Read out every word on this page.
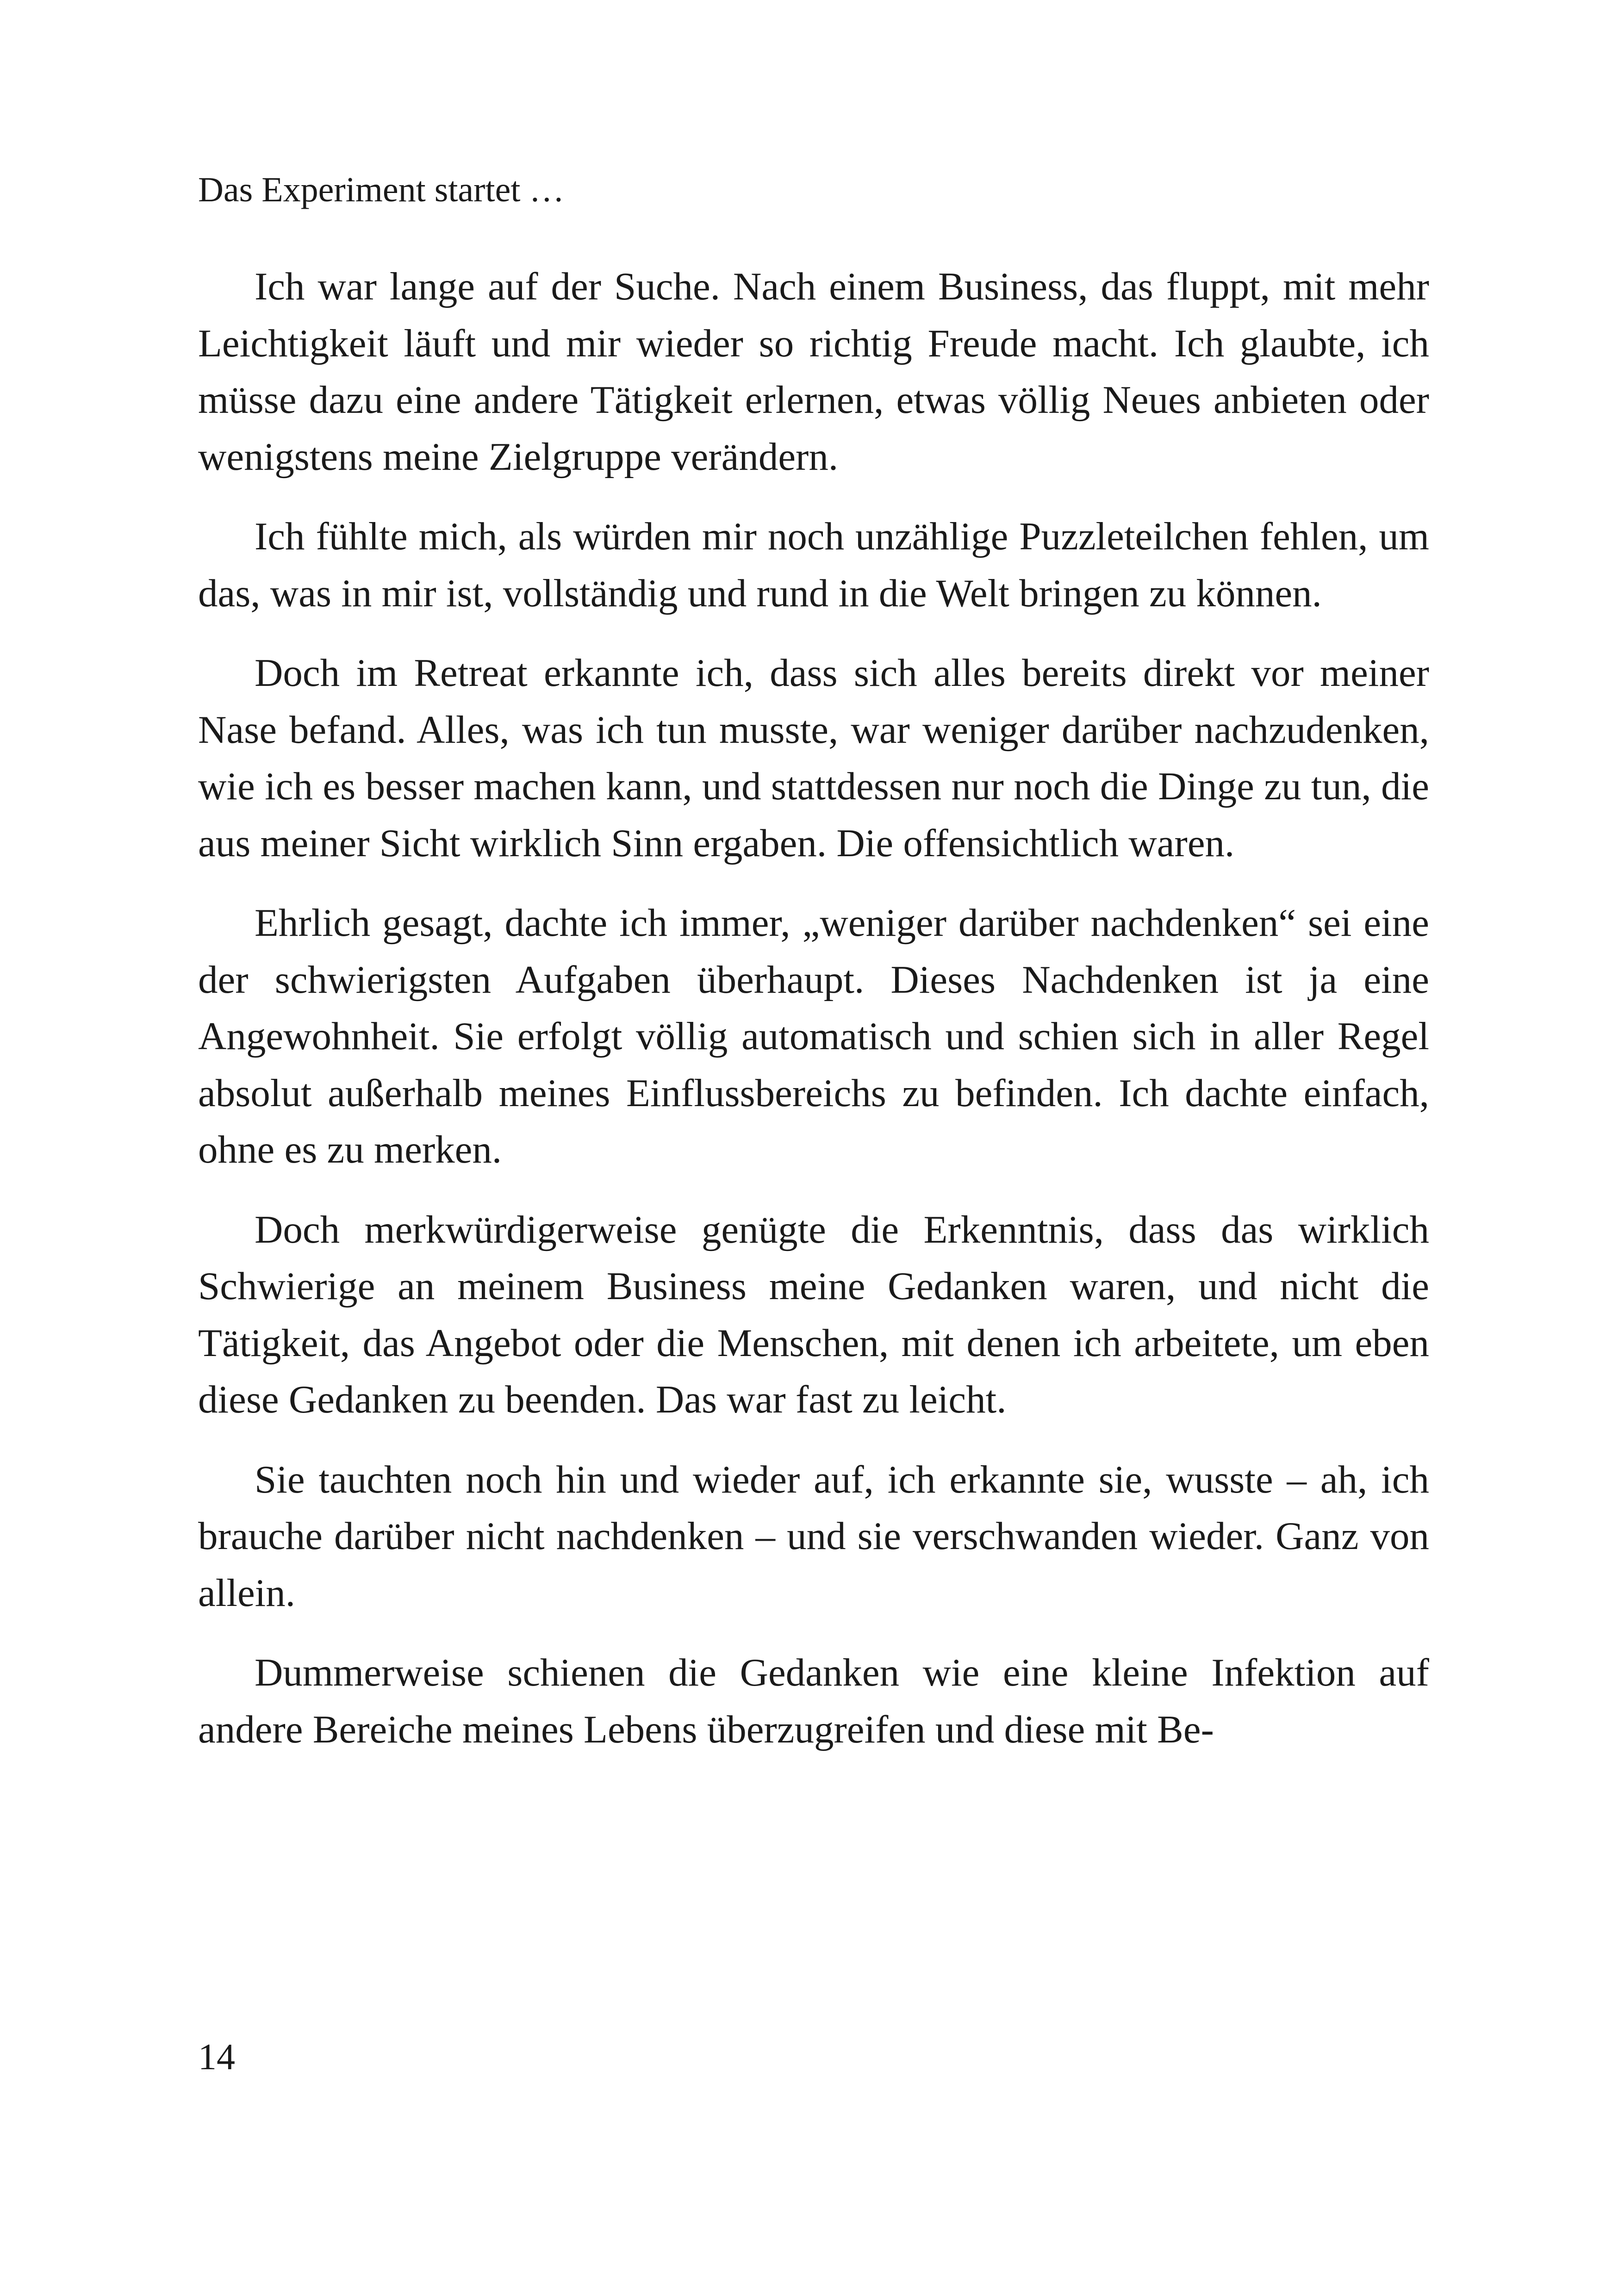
Das Experiment startet …

Ich war lange auf der Suche. Nach einem Business, das fluppt, mit mehr Leichtigkeit läuft und mir wieder so richtig Freude macht. Ich glaubte, ich müsse dazu eine andere Tätigkeit erlernen, etwas völlig Neues anbieten oder wenigstens meine Zielgruppe verändern.

Ich fühlte mich, als würden mir noch unzählige Puzzleteilchen fehlen, um das, was in mir ist, vollständig und rund in die Welt bringen zu können.

Doch im Retreat erkannte ich, dass sich alles bereits direkt vor meiner Nase befand. Alles, was ich tun musste, war weniger darüber nachzudenken, wie ich es besser machen kann, und stattdessen nur noch die Dinge zu tun, die aus meiner Sicht wirklich Sinn ergaben. Die offensichtlich waren.

Ehrlich gesagt, dachte ich immer, „weniger darüber nachdenken“ sei eine der schwierigsten Aufgaben überhaupt. Dieses Nachdenken ist ja eine Angewohnheit. Sie erfolgt völlig automatisch und schien sich in aller Regel absolut außerhalb meines Einflussbereichs zu befinden. Ich dachte einfach, ohne es zu merken.

Doch merkwürdigerweise genügte die Erkenntnis, dass das wirklich Schwierige an meinem Business meine Gedanken waren, und nicht die Tätigkeit, das Angebot oder die Menschen, mit denen ich arbeitete, um eben diese Gedanken zu beenden. Das war fast zu leicht.

Sie tauchten noch hin und wieder auf, ich erkannte sie, wusste – ah, ich brauche darüber nicht nachdenken – und sie verschwanden wieder. Ganz von allein.

Dummerweise schienen die Gedanken wie eine kleine Infektion auf andere Bereiche meines Lebens überzugreifen und diese mit Be-

14
